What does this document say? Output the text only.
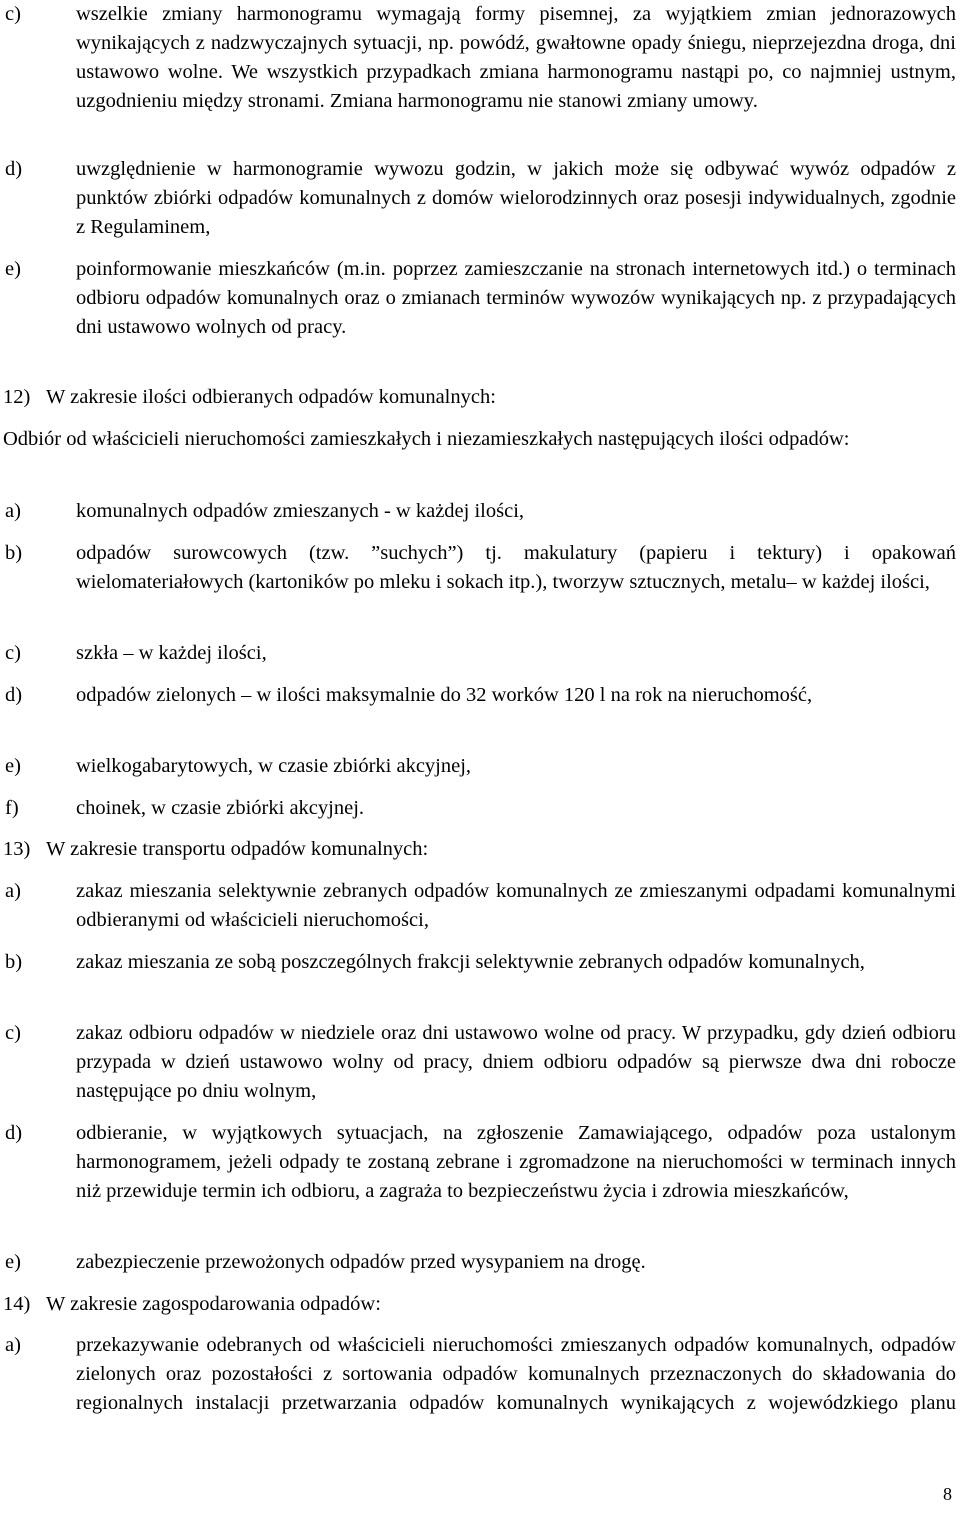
c)	wszelkie zmiany harmonogramu wymagają formy pisemnej, za wyjątkiem zmian jednorazowych wynikających z nadzwyczajnych sytuacji, np. powódź, gwałtowne opady śniegu, nieprzejezdna droga, dni ustawowo wolne. We wszystkich przypadkach zmiana harmonogramu nastąpi po, co najmniej ustnym, uzgodnieniu między stronami. Zmiana harmonogramu nie stanowi zmiany umowy.
d)	uwzględnienie w harmonogramie wywozu godzin, w jakich może się odbywać wywóz odpadów z punktów zbiórki odpadów komunalnych z domów wielorodzinnych oraz posesji indywidualnych, zgodnie z Regulaminem,
e)	poinformowanie mieszkańców (m.in. poprzez zamieszczanie na stronach internetowych itd.) o terminach odbioru odpadów komunalnych oraz o zmianach terminów wywozów wynikających np. z przypadających dni ustawowo wolnych od pracy.
12) W zakresie ilości odbieranych odpadów komunalnych:
Odbiór od właścicieli nieruchomości zamieszkałych i niezamieszkałych następujących ilości odpadów:
a)	komunalnych odpadów zmieszanych - w każdej ilości,
b)	odpadów surowcowych (tzw. ”suchych”) tj. makulatury (papieru i tektury) i opakowań wielomateriałowych (kartoników po mleku i sokach itp.), tworzyw sztucznych, metalu– w każdej ilości,
c)	szkła – w każdej ilości,
d)	odpadów zielonych – w ilości maksymalnie do 32 worków 120 l na rok na nieruchomość,
e)	wielkogabarytowych, w czasie zbiórki akcyjnej,
f)	choinek, w czasie zbiórki akcyjnej.
13) W zakresie transportu odpadów komunalnych:
a)	zakaz mieszania selektywnie zebranych odpadów komunalnych ze zmieszanymi odpadami komunalnymi odbieranymi od właścicieli nieruchomości,
b)	zakaz mieszania ze sobą poszczególnych frakcji selektywnie zebranych odpadów komunalnych,
c)	zakaz odbioru odpadów w niedziele oraz dni ustawowo wolne od pracy. W przypadku, gdy dzień odbioru przypada w dzień ustawowo wolny od pracy, dniem odbioru odpadów są pierwsze dwa dni robocze następujące po dniu wolnym,
d)	odbieranie, w wyjątkowych sytuacjach, na zgłoszenie Zamawiającego, odpadów poza ustalonym harmonogramem, jeżeli odpady te zostaną zebrane i zgromadzone na nieruchomości w terminach innych niż przewiduje termin ich odbioru, a zagraża to bezpieczeństwu życia i zdrowia mieszkańców,
e)	zabezpieczenie przewożonych odpadów przed wysypaniem na drogę.
14) W zakresie zagospodarowania odpadów:
a)	przekazywanie odebranych od właścicieli nieruchomości zmieszanych odpadów komunalnych, odpadów zielonych oraz pozostałości z sortowania odpadów komunalnych przeznaczonych do składowania do regionalnych instalacji przetwarzania odpadów komunalnych wynikających z wojewódzkiego planu
8
